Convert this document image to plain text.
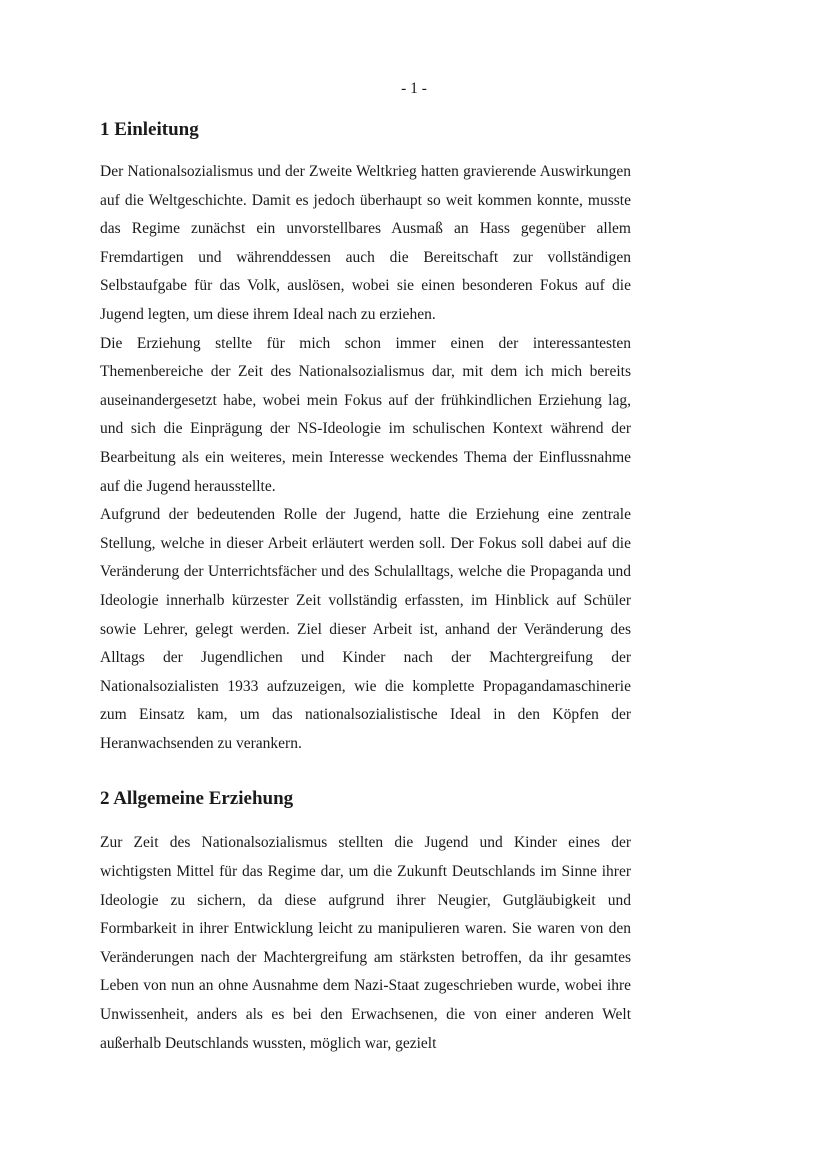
- 1 -
1 Einleitung

Der Nationalsozialismus und der Zweite Weltkrieg hatten gravierende Auswirkungen auf die Weltgeschichte. Damit es jedoch überhaupt so weit kommen konnte, musste das Regime zunächst ein unvorstellbares Ausmaß an Hass gegenüber allem Fremdartigen und währenddessen auch die Bereitschaft zur vollständigen Selbstaufgabe für das Volk, auslösen, wobei sie einen besonderen Fokus auf die Jugend legten, um diese ihrem Ideal nach zu erziehen.

Die Erziehung stellte für mich schon immer einen der interessantesten Themenbereiche der Zeit des Nationalsozialismus dar, mit dem ich mich bereits auseinandergesetzt habe, wobei mein Fokus auf der frühkindlichen Erziehung lag, und sich die Einprägung der NS-Ideologie im schulischen Kontext während der Bearbeitung als ein weiteres, mein Interesse weckendes Thema der Einflussnahme auf die Jugend herausstellte.

Aufgrund der bedeutenden Rolle der Jugend, hatte die Erziehung eine zentrale Stellung, welche in dieser Arbeit erläutert werden soll. Der Fokus soll dabei auf die Veränderung der Unterrichtsfächer und des Schulalltags, welche die Propaganda und Ideologie innerhalb kürzester Zeit vollständig erfassten, im Hinblick auf Schüler sowie Lehrer, gelegt werden. Ziel dieser Arbeit ist, anhand der Veränderung des Alltags der Jugendlichen und Kinder nach der Machtergreifung der Nationalsozialisten 1933 aufzuzeigen, wie die komplette Propagandamaschinerie zum Einsatz kam, um das nationalsozialistische Ideal in den Köpfen der Heranwachsenden zu verankern.

2 Allgemeine Erziehung

Zur Zeit des Nationalsozialismus stellten die Jugend und Kinder eines der wichtigsten Mittel für das Regime dar, um die Zukunft Deutschlands im Sinne ihrer Ideologie zu sichern, da diese aufgrund ihrer Neugier, Gutgläubigkeit und Formbarkeit in ihrer Entwicklung leicht zu manipulieren waren. Sie waren von den Veränderungen nach der Machtergreifung am stärksten betroffen, da ihr gesamtes Leben von nun an ohne Ausnahme dem Nazi-Staat zugeschrieben wurde, wobei ihre Unwissenheit, anders als es bei den Erwachsenen, die von einer anderen Welt außerhalb Deutschlands wussten, möglich war, gezielt
